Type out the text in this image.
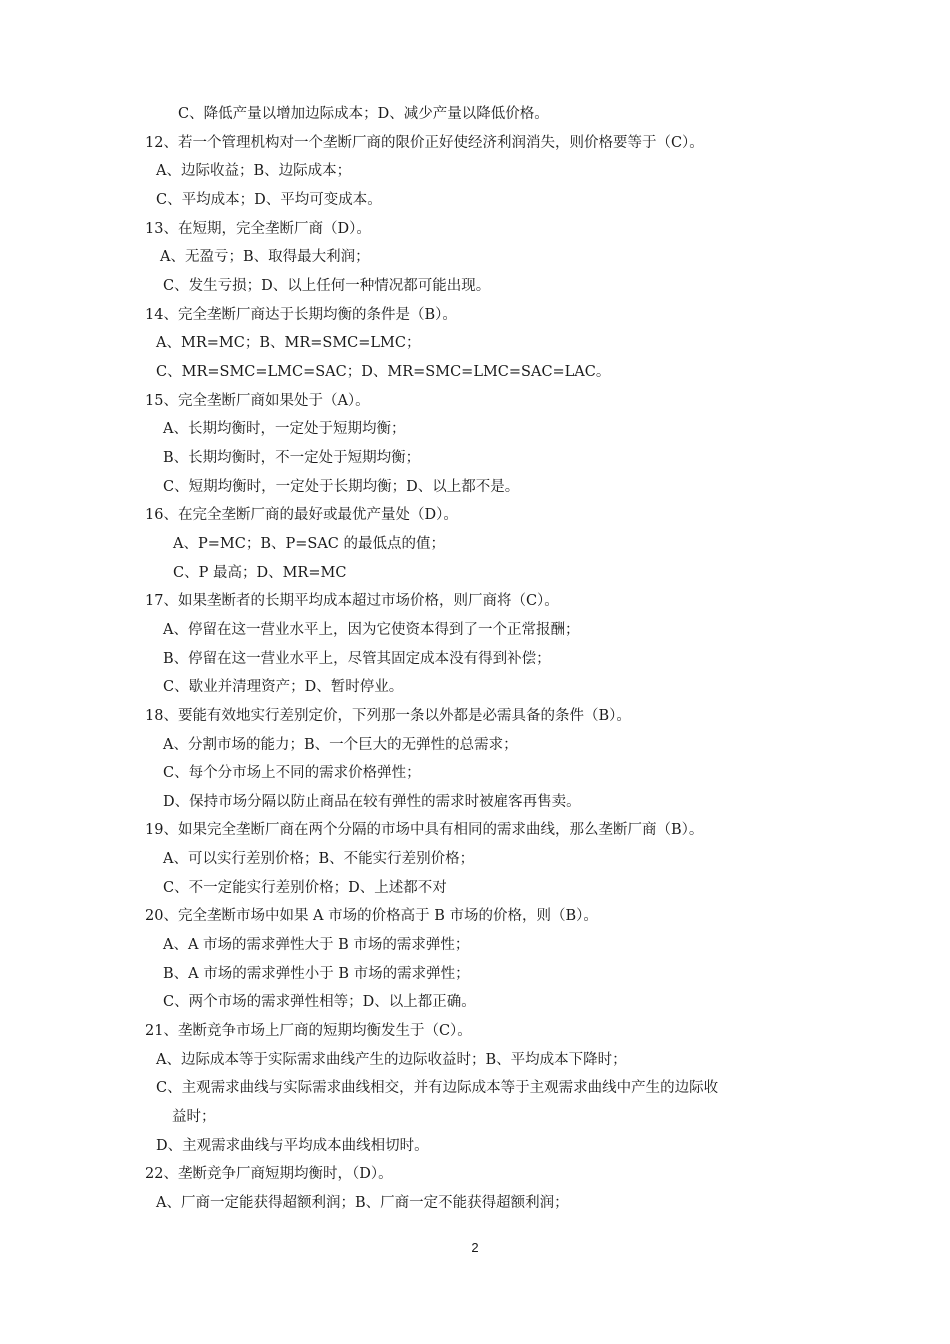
C、降低产量以增加边际成本；D、减少产量以降低价格。
12、若一个管理机构对一个垄断厂商的限价正好使经济利润消失，则价格要等于（C）。
A、边际收益；B、边际成本；
C、平均成本；D、平均可变成本。
13、在短期，完全垄断厂商（D）。
A、无盈亏；B、取得最大利润；
C、发生亏损；D、以上任何一种情况都可能出现。
14、完全垄断厂商达于长期均衡的条件是（B）。
A、MR=MC；B、MR=SMC=LMC；
C、MR=SMC=LMC=SAC；D、MR=SMC=LMC=SAC=LAC。
15、完全垄断厂商如果处于（A）。
A、长期均衡时，一定处于短期均衡；
B、长期均衡时，不一定处于短期均衡；
C、短期均衡时，一定处于长期均衡；D、以上都不是。
16、在完全垄断厂商的最好或最优产量处（D）。
A、P=MC；B、P=SAC 的最低点的值；
C、P 最高；D、MR=MC
17、如果垄断者的长期平均成本超过市场价格，则厂商将（C）。
A、停留在这一营业水平上，因为它使资本得到了一个正常报酬；
B、停留在这一营业水平上，尽管其固定成本没有得到补偿；
C、歇业并清理资产；D、暂时停业。
18、要能有效地实行差别定价，下列那一条以外都是必需具备的条件（B）。
A、分割市场的能力；B、一个巨大的无弹性的总需求；
C、每个分市场上不同的需求价格弹性；
D、保持市场分隔以防止商品在较有弹性的需求时被雇客再售卖。
19、如果完全垄断厂商在两个分隔的市场中具有相同的需求曲线，那么垄断厂商（B）。
A、可以实行差别价格；B、不能实行差别价格；
C、不一定能实行差别价格；D、上述都不对
20、完全垄断市场中如果 A 市场的价格高于 B 市场的价格，则（B）。
A、A 市场的需求弹性大于 B 市场的需求弹性；
B、A 市场的需求弹性小于 B 市场的需求弹性；
C、两个市场的需求弹性相等；D、以上都正确。
21、垄断竞争市场上厂商的短期均衡发生于（C）。
A、边际成本等于实际需求曲线产生的边际收益时；B、平均成本下降时；
C、主观需求曲线与实际需求曲线相交，并有边际成本等于主观需求曲线中产生的边际收
益时；
D、主观需求曲线与平均成本曲线相切时。
22、垄断竞争厂商短期均衡时，（D）。
A、厂商一定能获得超额利润；B、厂商一定不能获得超额利润；
2
